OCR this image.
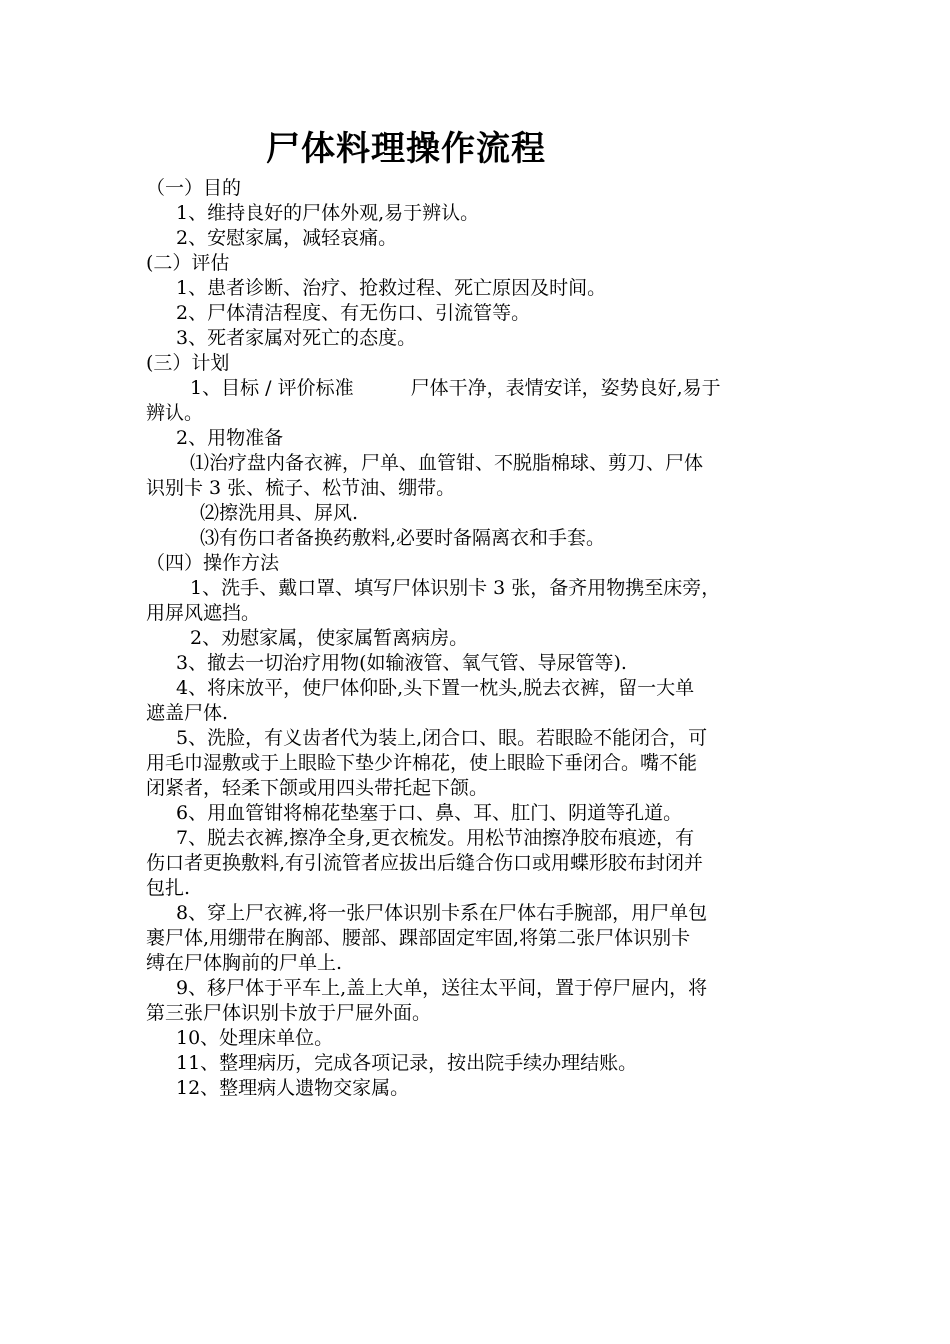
尸体料理操作流程
（一）目的
1、维持良好的尸体外观,易于辨认。
2、安慰家属，减轻哀痛。
(二）评估
1、患者诊断、治疗、抢救过程、死亡原因及时间。
2、尸体清洁程度、有无伤口、引流管等。
3、死者家属对死亡的态度。
(三）计划
1、目标 / 评价标准　　　尸体干净，表情安详，姿势良好,易于
辨认。
2、用物准备
⑴治疗盘内备衣裤，尸单、血管钳、不脱脂棉球、剪刀、尸体
识别卡 3 张、梳子、松节油、绷带。
⑵擦洗用具、屏风.
⑶有伤口者备换药敷料,必要时备隔离衣和手套。
（四）操作方法
1、洗手、戴口罩、填写尸体识别卡 3 张，备齐用物携至床旁，
用屏风遮挡。
2、劝慰家属，使家属暂离病房。
3、撤去一切治疗用物(如输液管、氧气管、导尿管等).
4、将床放平，使尸体仰卧,头下置一枕头,脱去衣裤，留一大单
遮盖尸体.
5、洗脸，有义齿者代为装上,闭合口、眼。若眼睑不能闭合，可
用毛巾湿敷或于上眼睑下垫少许棉花，使上眼睑下垂闭合。嘴不能
闭紧者，轻柔下颌或用四头带托起下颌。
6、用血管钳将棉花垫塞于口、鼻、耳、肛门、阴道等孔道。
7、脱去衣裤,擦净全身,更衣梳发。用松节油擦净胶布痕迹，有
伤口者更换敷料,有引流管者应拔出后缝合伤口或用蝶形胶布封闭并
包扎.
8、穿上尸衣裤,将一张尸体识别卡系在尸体右手腕部，用尸单包
裹尸体,用绷带在胸部、腰部、踝部固定牢固,将第二张尸体识别卡
缚在尸体胸前的尸单上.
9、移尸体于平车上,盖上大单，送往太平间，置于停尸屉内，将
第三张尸体识别卡放于尸屉外面。
10、处理床单位。
11、整理病历，完成各项记录，按出院手续办理结账。
12、整理病人遗物交家属。
